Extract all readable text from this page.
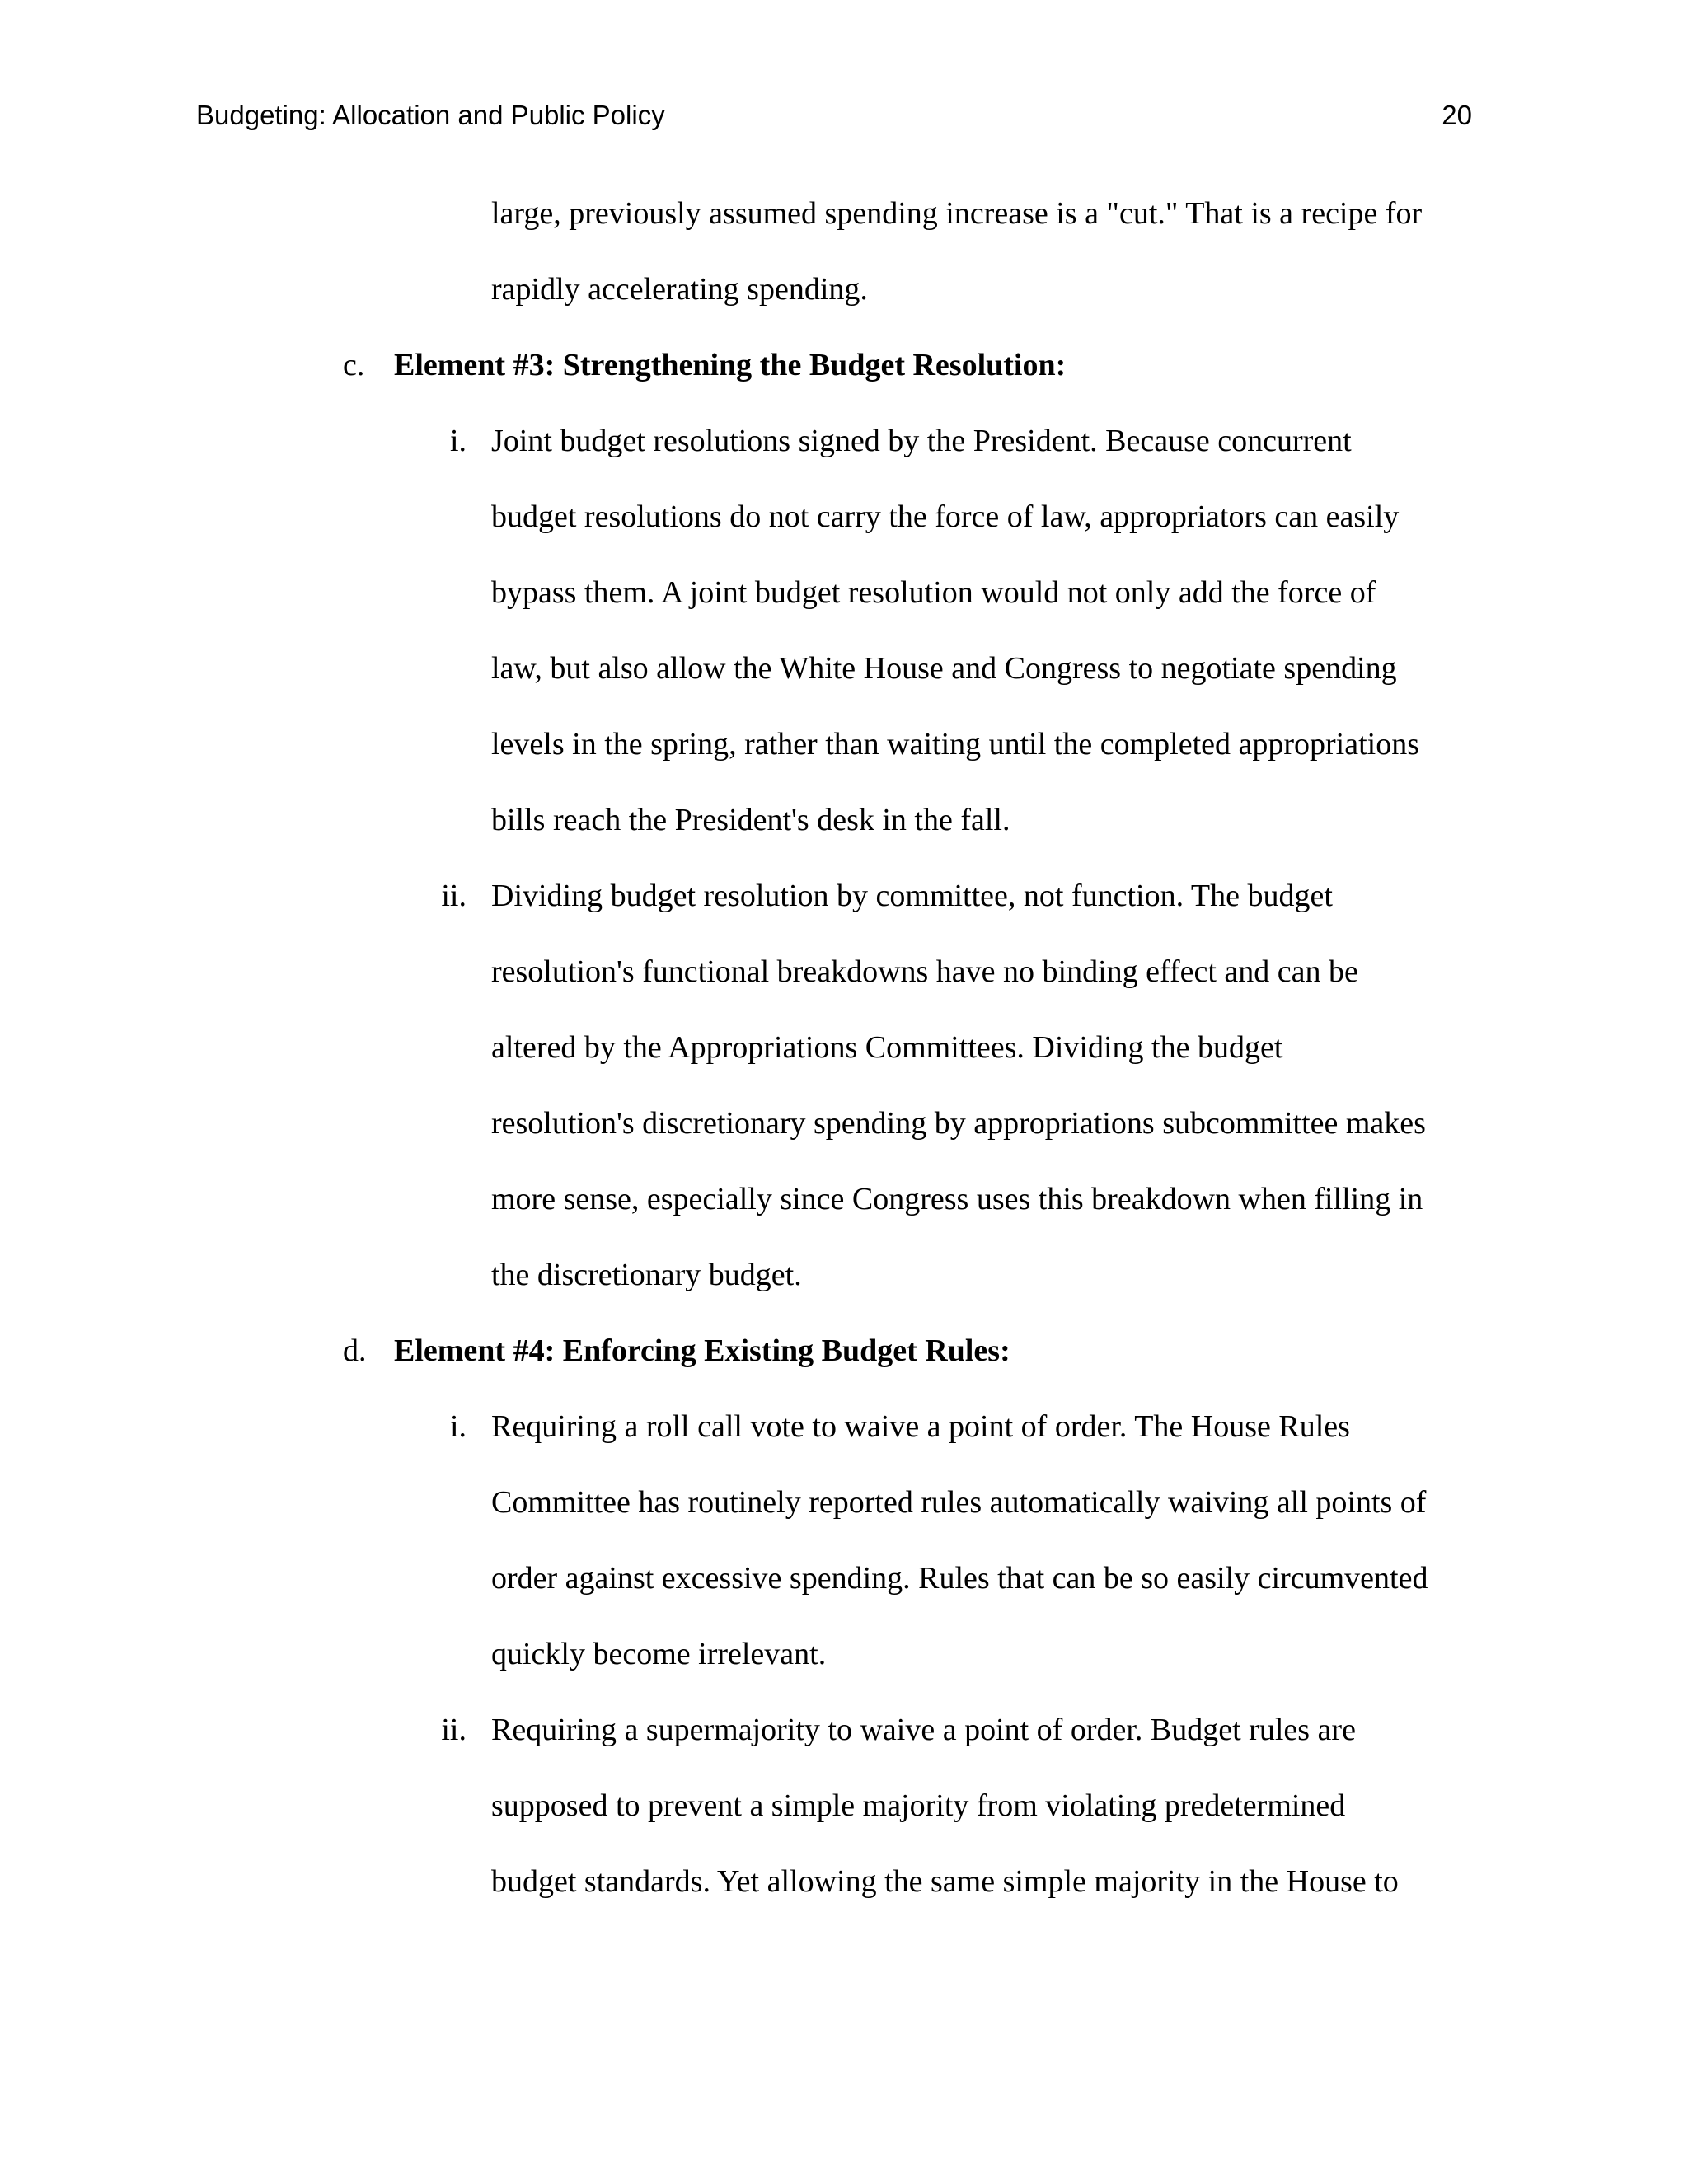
Budgeting: Allocation and Public Policy	20
large, previously assumed spending increase is a "cut." That is a recipe for
rapidly accelerating spending.
c. Element #3: Strengthening the Budget Resolution:
i. Joint budget resolutions signed by the President. Because concurrent
budget resolutions do not carry the force of law, appropriators can easily
bypass them. A joint budget resolution would not only add the force of
law, but also allow the White House and Congress to negotiate spending
levels in the spring, rather than waiting until the completed appropriations
bills reach the President's desk in the fall.
ii. Dividing budget resolution by committee, not function. The budget
resolution's functional breakdowns have no binding effect and can be
altered by the Appropriations Committees. Dividing the budget
resolution's discretionary spending by appropriations subcommittee makes
more sense, especially since Congress uses this breakdown when filling in
the discretionary budget.
d. Element #4: Enforcing Existing Budget Rules:
i. Requiring a roll call vote to waive a point of order. The House Rules
Committee has routinely reported rules automatically waiving all points of
order against excessive spending. Rules that can be so easily circumvented
quickly become irrelevant.
ii. Requiring a supermajority to waive a point of order. Budget rules are
supposed to prevent a simple majority from violating predetermined
budget standards. Yet allowing the same simple majority in the House to
